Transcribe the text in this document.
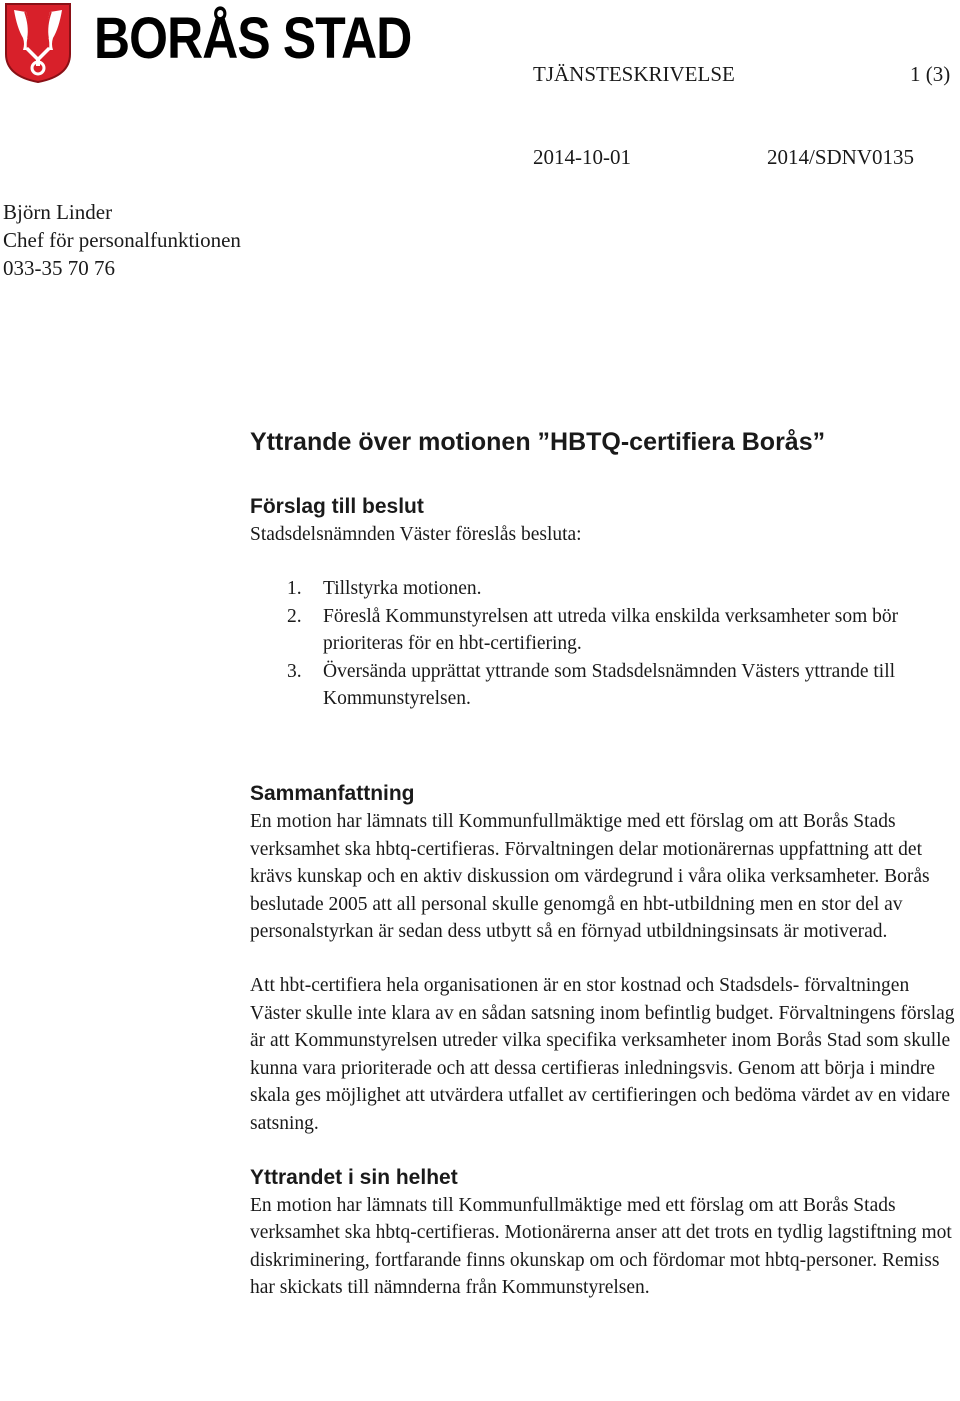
BORÅS STAD
TJÄNSTESKRIVELSE	1 (3)
2014-10-01	2014/SDNV0135
Björn Linder
Chef för personalfunktionen
033-35 70 76
Yttrande över motionen ”HBTQ-certifiera Borås”
Förslag till beslut

Stadsdelsnämnden Väster föreslås besluta:

1. Tillstyrka motionen.
2. Föreslå Kommunstyrelsen att utreda vilka enskilda verksamheter som bör prioriteras för en hbt-certifiering.
3. Översända upprättat yttrande som Stadsdelsnämnden Västers yttrande till Kommunstyrelsen.
Sammanfattning

En motion har lämnats till Kommunfullmäktige med ett förslag om att Borås Stads verksamhet ska hbtq-certifieras. Förvaltningen delar motionärernas uppfattning att det krävs kunskap och en aktiv diskussion om värdegrund i våra olika verksamheter. Borås beslutade 2005 att all personal skulle genomgå en hbt-utbildning men en stor del av personalstyrkan är sedan dess utbytt så en förnyad utbildningsinsats är motiverad.

Att hbt-certifiera hela organisationen är en stor kostnad och Stadsdels- förvaltningen Väster skulle inte klara av en sådan satsning inom befintlig budget. Förvaltningens förslag är att Kommunstyrelsen utreder vilka specifika verksamheter inom Borås Stad som skulle kunna vara prioriterade och att dessa certifieras inledningsvis. Genom att börja i mindre skala ges möjlighet att utvärdera utfallet av certifieringen och bedöma värdet av en vidare satsning.

Yttrandet i sin helhet

En motion har lämnats till Kommunfullmäktige med ett förslag om att Borås Stads verksamhet ska hbtq-certifieras. Motionärerna anser att det trots en tydlig lagstiftning mot diskriminering, fortfarande finns okunskap om och fördomar mot hbtq-personer. Remiss har skickats till nämnderna från Kommunstyrelsen.
